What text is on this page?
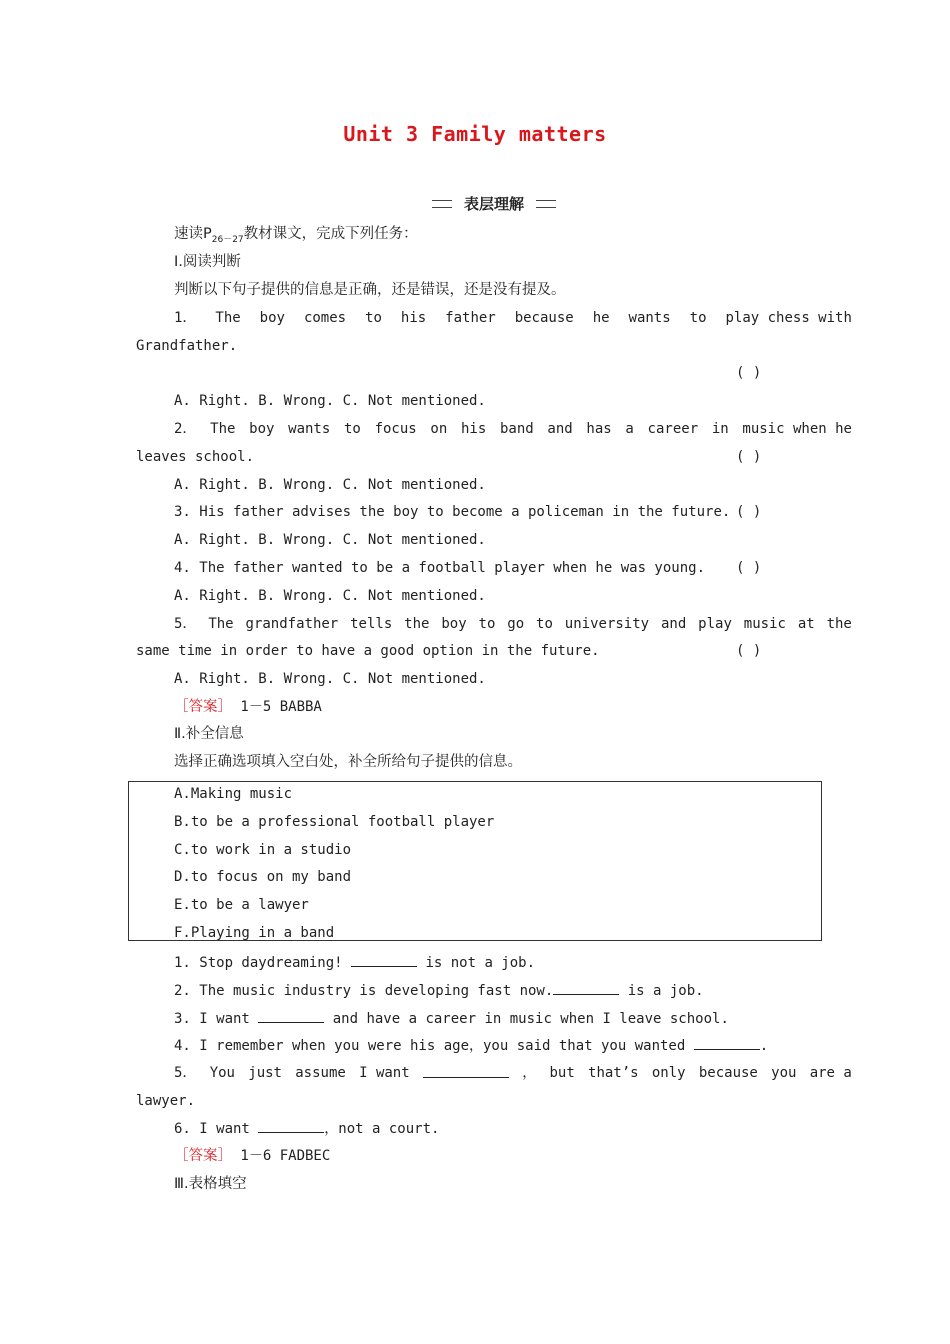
Unit 3 Family matters
表层理解
速读$P_{26-27}$教材课文，完成下列任务：
Ⅰ.阅读判断
判断以下句子提供的信息是正确，还是错误，还是没有提及。
1． The boy comes to his father because he wants to play chess with
Grandfather.
( )
A. Right. B. Wrong. C. Not mentioned.
2． The boy wants to focus on his band and has a career in music when he
leaves school.	( )
A. Right. B. Wrong. C. Not mentioned.
3. His father advises the boy to become a policeman in the future. ( )
A. Right. B. Wrong. C. Not mentioned.
4. The father wanted to be a football player when he was young.	( )
A. Right. B. Wrong. C. Not mentioned.
5． The grandfather tells the boy to go to university and play music at the
same time in order to have a good option in the future.	( )
A. Right. B. Wrong. C. Not mentioned.
［答案］ 1－5 BABBA
Ⅱ.补全信息
选择正确选项填入空白处，补全所给句子提供的信息。
A.Making music
B.to be a professional football player
C.to work in a studio
D.to focus on my band
E.to be a lawyer
F.Playing in a band
1. Stop daydreaming!	is not a job.
2. The music industry is developing fast now.	is a job.
3. I want	and have a career in music when I leave school.
4. I remember when you were his age，you said that you wanted	.
5． You just assume I want	， but that’s only because you are a
lawyer.
6. I want	，not a court.
［答案］ 1－6 FADBEC
Ⅲ.表格填空
